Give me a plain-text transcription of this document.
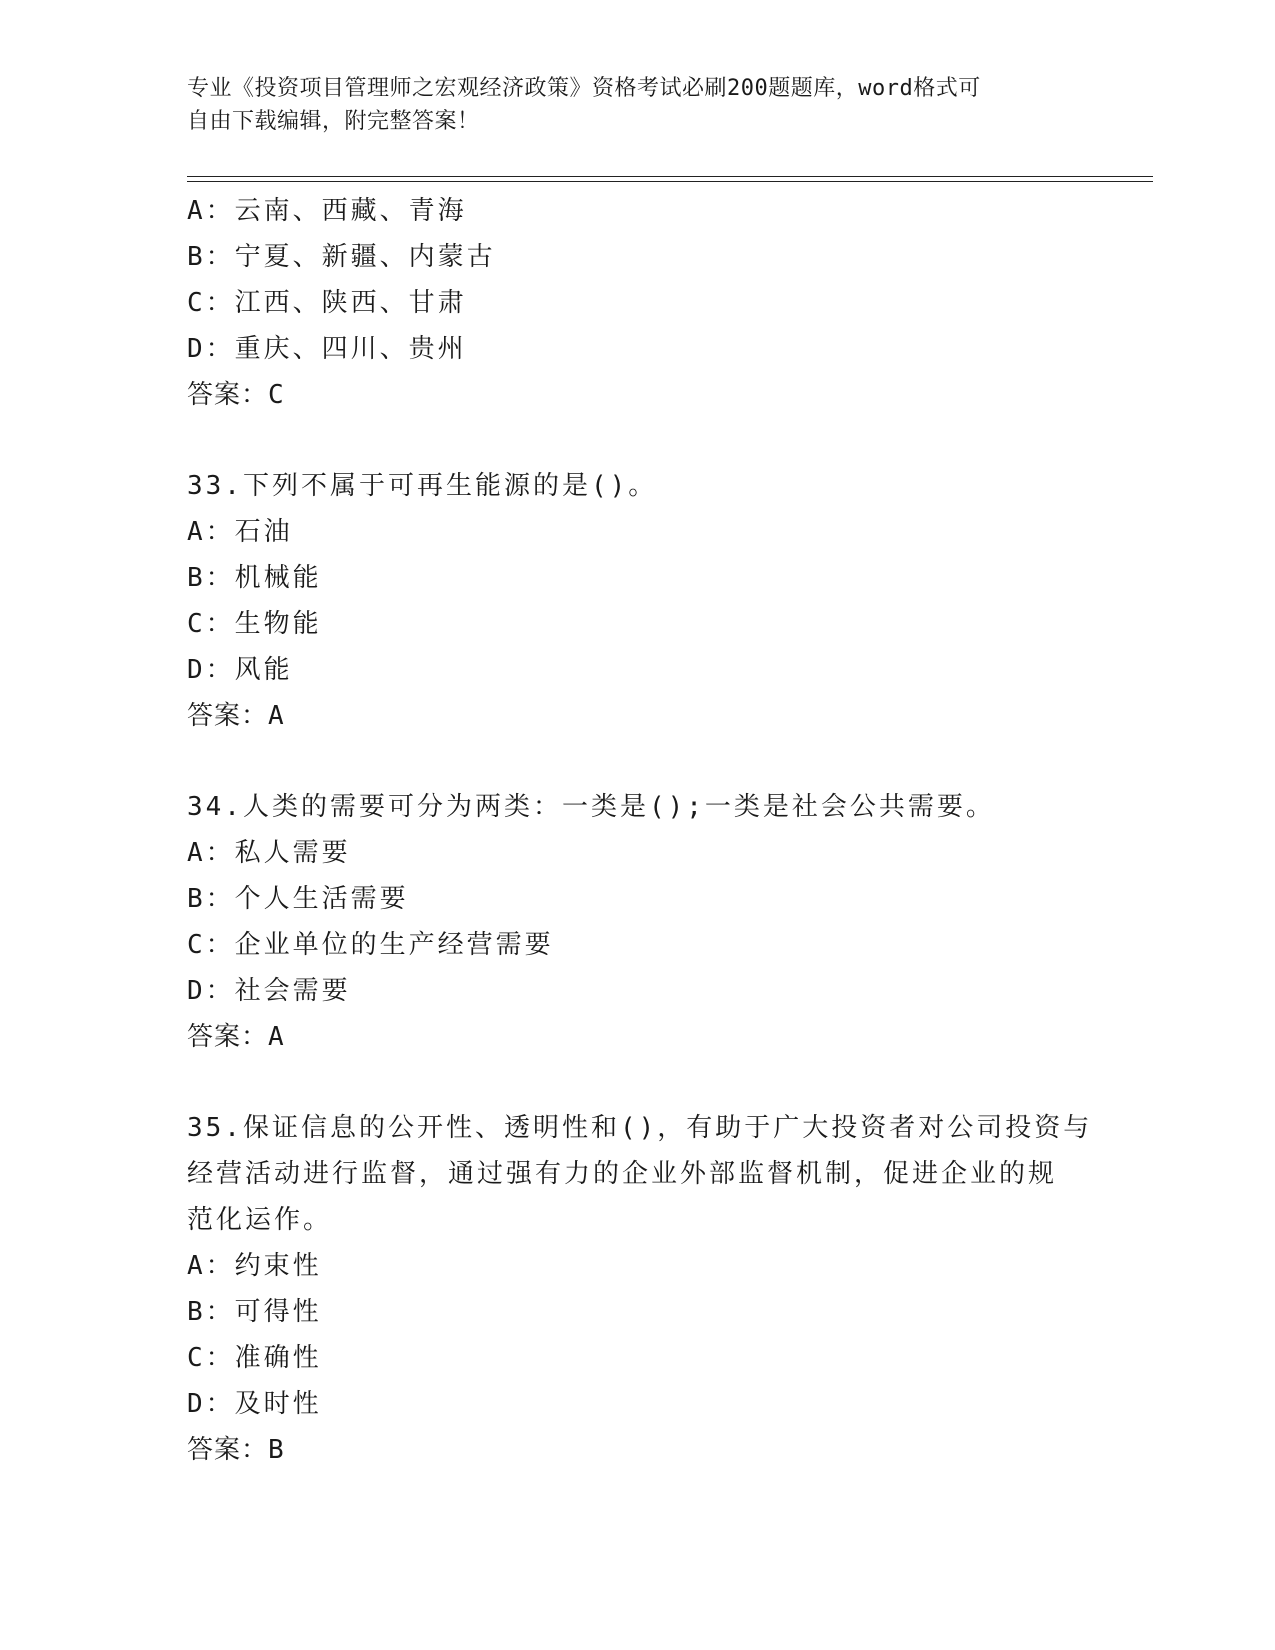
专业《投资项目管理师之宏观经济政策》资格考试必刷200题题库，word格式可
自由下载编辑，附完整答案！
A：云南、西藏、青海
B：宁夏、新疆、内蒙古
C：江西、陕西、甘肃
D：重庆、四川、贵州
答案：C
33.下列不属于可再生能源的是()。
A：石油
B：机械能
C：生物能
D：风能
答案：A
34.人类的需要可分为两类：一类是();一类是社会公共需要。
A：私人需要
B：个人生活需要
C：企业单位的生产经营需要
D：社会需要
答案：A
35.保证信息的公开性、透明性和()，有助于广大投资者对公司投资与
经营活动进行监督，通过强有力的企业外部监督机制，促进企业的规
范化运作。
A：约束性
B：可得性
C：准确性
D：及时性
答案：B
